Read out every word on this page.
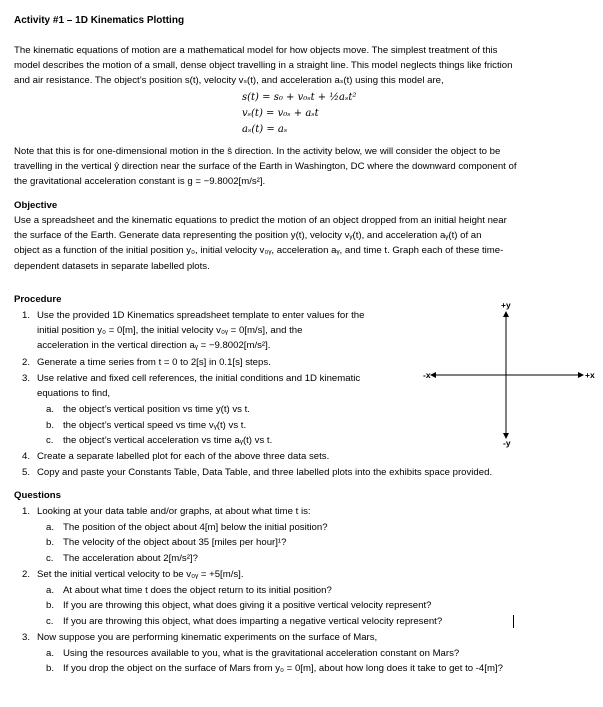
Activity #1 – 1D Kinematics Plotting
The kinematic equations of motion are a mathematical model for how objects move. The simplest treatment of this
model describes the motion of a small, dense object travelling in a straight line. This model neglects things like friction
and air resistance. The object’s position s(t), velocity vₛ(t), and acceleration aₛ(t) using this model are,
s(t) = s₀ + v₀ₛt + ½aₛt²
vₛ(t) = v₀ₛ + aₛt
aₛ(t) = aₛ
Note that this is for one-dimensional motion in the ŝ direction. In the activity below, we will consider the object to be
travelling in the vertical ŷ direction near the surface of the Earth in Washington, DC where the downward component of
the gravitational acceleration constant is g = −9.8002[m/s²].
Objective
Use a spreadsheet and the kinematic equations to predict the motion of an object dropped from an initial height near
the surface of the Earth. Generate data representing the position y(t), velocity vᵧ(t), and acceleration aᵧ(t) of an
object as a function of the initial position y₀, initial velocity v₀ᵧ, acceleration aᵧ, and time t. Graph each of these time-
dependent datasets in separate labelled plots.
Procedure
1. Use the provided 1D Kinematics spreadsheet template to enter values for the
initial position y₀ = 0[m], the initial velocity v₀ᵧ = 0[m/s], and the
acceleration in the vertical direction aᵧ = −9.8002[m/s²].
2. Generate a time series from t = 0 to 2[s] in 0.1[s] steps.
3. Use relative and fixed cell references, the initial conditions and 1D kinematic
equations to find,
a. the object’s vertical position vs time y(t) vs t.
b. the object’s vertical speed vs time vᵧ(t) vs t.
c. the object’s vertical acceleration vs time aᵧ(t) vs t.
4. Create a separate labelled plot for each of the above three data sets.
5. Copy and paste your Constants Table, Data Table, and three labelled plots into the exhibits space provided.
+y
-y
+x
-x
Questions
1. Looking at your data table and/or graphs, at about what time t is:
a. The position of the object about 4[m] below the initial position?
b. The velocity of the object about 35 [miles per hour]¹?
c. The acceleration about 2[m/s²]?
2. Set the initial vertical velocity to be v₀ᵧ = +5[m/s].
a. At about what time t does the object return to its initial position?
b. If you are throwing this object, what does giving it a positive vertical velocity represent?
c. If you are throwing this object, what does imparting a negative vertical velocity represent?
3. Now suppose you are performing kinematic experiments on the surface of Mars,
a. Using the resources available to you, what is the gravitational acceleration constant on Mars?
b. If you drop the object on the surface of Mars from y₀ = 0[m], about how long does it take to get to -4[m]?
